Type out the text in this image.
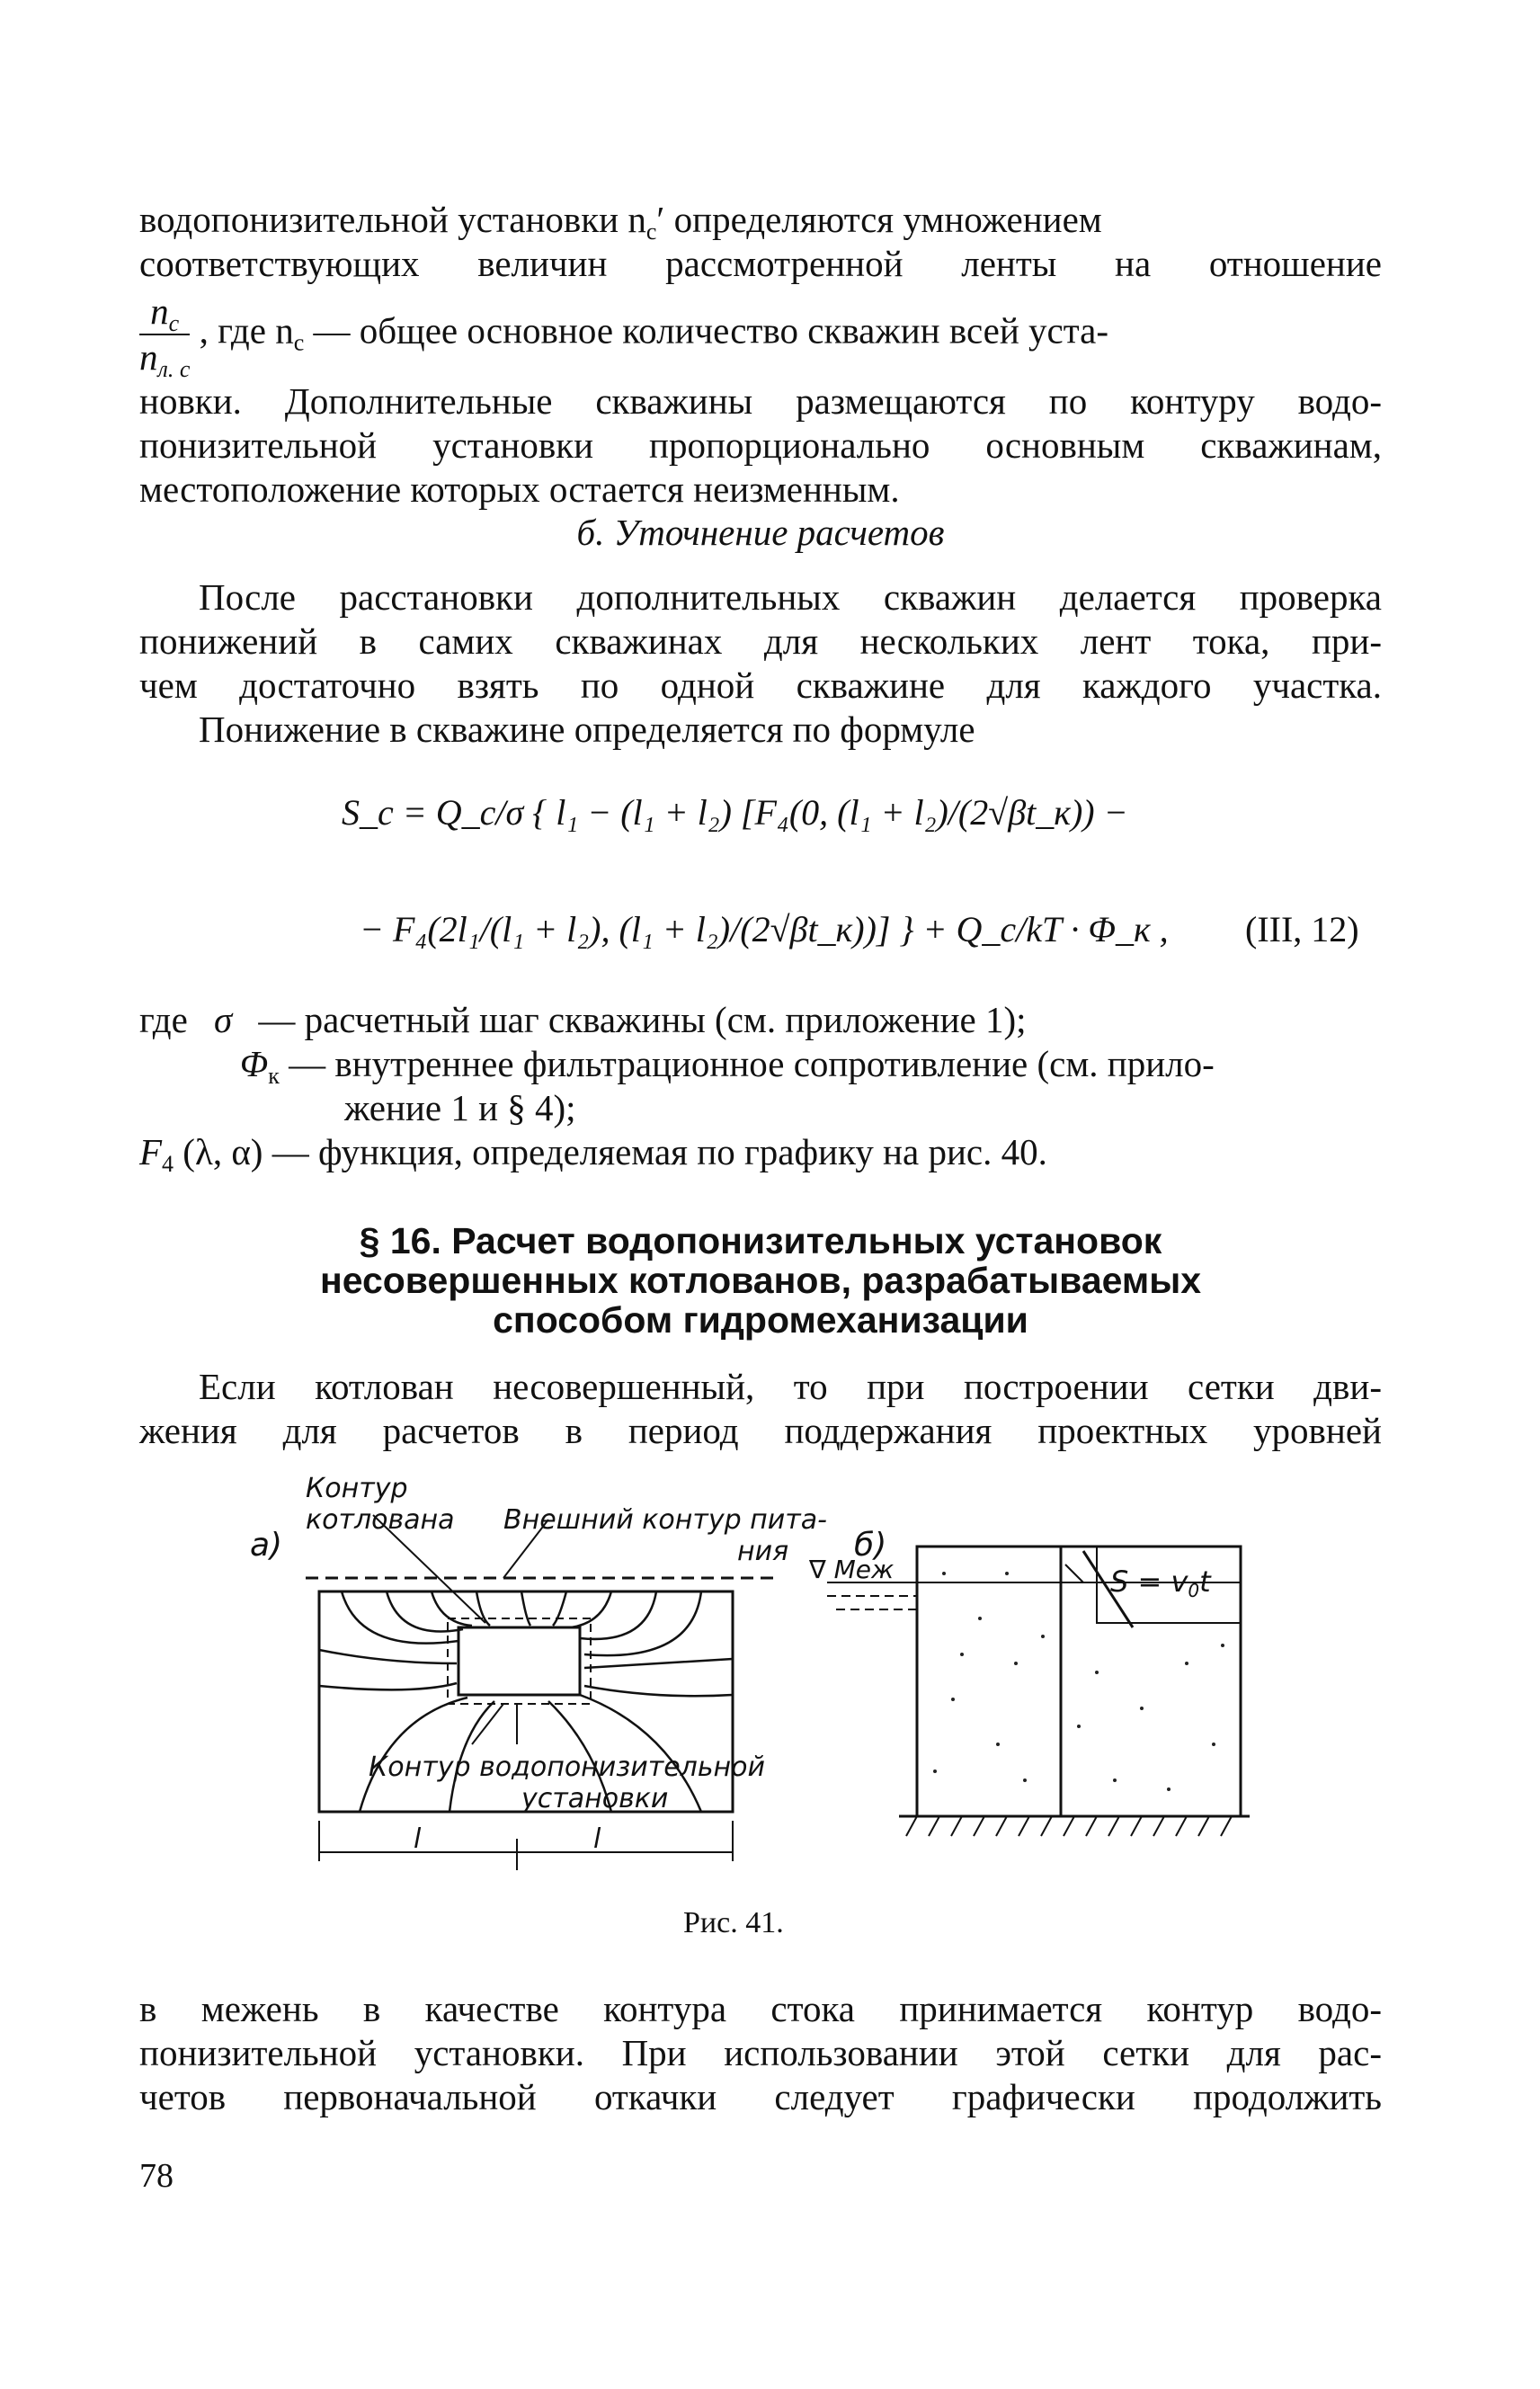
водопонизительной установки $n_с'$ определяются умножением
соответствующих величин рассмотренной ленты на отношение
$\frac{n_с}{n_{л. с}}$ , где $n_с$ — общее основное количество скважин всей уста-
новки. Дополнительные скважины размещаются по контуру водо-
понизительной установки пропорционально основным скважинам,
местоположение которых остается неизменным.
б. Уточнение расчетов
После расстановки дополнительных скважин делается проверка
понижений в самих скважинах для нескольких лент тока, при-
чем достаточно взять по одной скважине для каждого участка.
Понижение в скважине определяется по формуле
S_c = Q_c/σ { l₁ − (l₁ + l₂) [F₄(0, (l₁ + l₂)/(2√βt_к)) −
− F₄(2l₁/(l₁ + l₂), (l₁ + l₂)/(2√βt_к))] } + Q_c/kT · Φ_к , (III, 12)
где σ — расчетный шаг скважины (см. приложение 1);
$\Phi_к$ — внутреннее фильтрационное сопротивление (см. прило-
жение 1 и § 4);
$F_4$ (λ, α) — функция, определяемая по графику на рис. 40.
§ 16. Расчет водопонизительных установок
несовершенных котлованов, разрабатываемых
способом гидромеханизации
Если котлован несовершенный, то при построении сетки дви-
жения для расчетов в период поддержания проектных уровней
а)	б)
Контур
котлована Внешний контур пита-
ния
Контур водопонизительной
установки
l	l
∇ Меж	S = v0t
Рис. 41.
в межень в качестве контура стока принимается контур водо-
понизительной установки. При использовании этой сетки для рас-
четов первоначальной откачки следует графически продолжить
78
